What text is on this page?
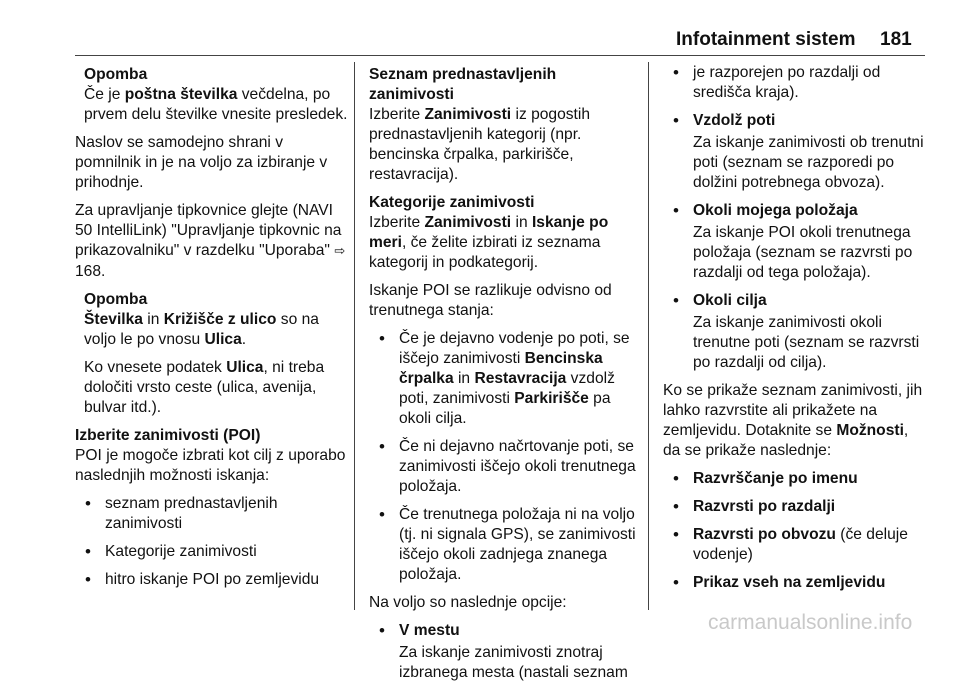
Infotainment sistem 181
Opomba

Če je poštna številka večdelna, po prvem delu številke vnesite presledek.

Naslov se samodejno shrani v pomnilnik in je na voljo za izbiranje v prihodnje.

Za upravljanje tipkovnice glejte (NAVI 50 IntelliLink) "Upravljanje tipkovnic na prikazovalniku" v razdelku "Uporaba" ⇨ 168.

Opomba

Številka in Križišče z ulico so na voljo le po vnosu Ulica.

Ko vnesete podatek Ulica, ni treba določiti vrsto ceste (ulica, avenija, bulvar itd.).

Izberite zanimivosti (POI)

POI je mogoče izbrati kot cilj z uporabo naslednjih možnosti iskanja:

• seznam prednastavljenih zanimivosti
• Kategorije zanimivosti
• hitro iskanje POI po zemljevidu
Seznam prednastavljenih zanimivosti

Izberite Zanimivosti iz pogostih prednastavljenih kategorij (npr. bencinska črpalka, parkirišče, restavracija).

Kategorije zanimivosti

Izberite Zanimivosti in Iskanje po meri, če želite izbirati iz seznama kategorij in podkategorij.

Iskanje POI se razlikuje odvisno od trenutnega stanja:

• Če je dejavno vodenje po poti, se iščejo zanimivosti Bencinska črpalka in Restavracija vzdolž poti, zanimivosti Parkirišče pa okoli cilja.
• Če ni dejavno načrtovanje poti, se zanimivosti iščejo okoli trenutnega položaja.
• Če trenutnega položaja ni na voljo (tj. ni signala GPS), se zanimivosti iščejo okoli zadnjega znanega položaja.

Na voljo so naslednje opcije:

• V mestu
Za iskanje zanimivosti znotraj izbranega mesta (nastali seznam
• je razporejen po razdalji od središča kraja).
• Vzdolž poti
Za iskanje zanimivosti ob trenutni poti (seznam se razporedi po dolžini potrebnega obvoza).
• Okoli mojega položaja
Za iskanje POI okoli trenutnega položaja (seznam se razvrsti po razdalji od tega položaja).
• Okoli cilja
Za iskanje zanimivosti okoli trenutne poti (seznam se razvrsti po razdalji od cilja).

Ko se prikaže seznam zanimivosti, jih lahko razvrstite ali prikažete na zemljevidu. Dotaknite se Možnosti, da se prikaže naslednje:

• Razvrščanje po imenu
• Razvrsti po razdalji
• Razvrsti po obvozu (če deluje vodenje)
• Prikaz vseh na zemljevidu
carmanualsonline.info
